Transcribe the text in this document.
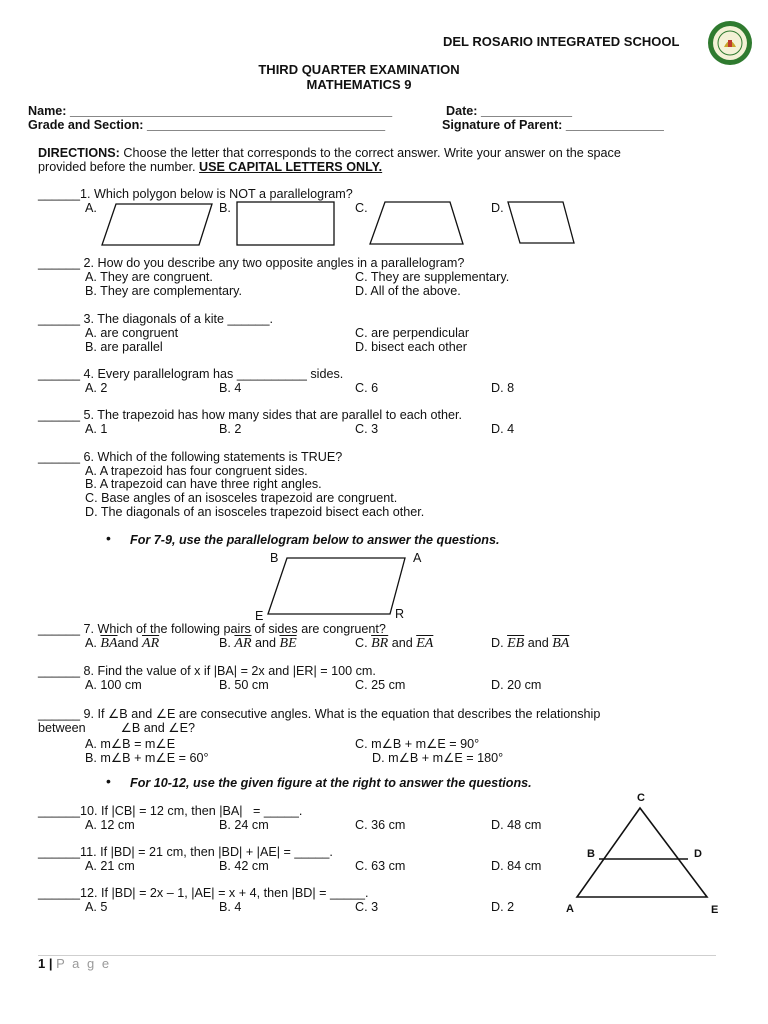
DEL ROSARIO INTEGRATED SCHOOL
THIRD QUARTER EXAMINATION
MATHEMATICS 9
Name: ______________________________________________	Date: _____________
Grade and Section: __________________________________	Signature of Parent: ______________
DIRECTIONS: Choose the letter that corresponds to the correct answer. Write your answer on the space
provided before the number. USE CAPITAL LETTERS ONLY.
______1. Which polygon below is NOT a parallelogram?
A.	B.	C.	D.
______ 2. How do you describe any two opposite angles in a parallelogram?
A. They are congruent.	C. They are supplementary.
B. They are complementary.	D. All of the above.
______ 3. The diagonals of a kite ______.
A. are congruent	C. are perpendicular
B. are parallel	D. bisect each other
______ 4. Every parallelogram has __________ sides.
A. 2	B. 4	C. 6	D. 8
______ 5. The trapezoid has how many sides that are parallel to each other.
A. 1	B. 2	C. 3	D. 4
______ 6. Which of the following statements is TRUE?
A. A trapezoid has four congruent sides.
B. A trapezoid can have three right angles.
C. Base angles of an isosceles trapezoid are congruent.
D. The diagonals of an isosceles trapezoid bisect each other.
• For 7-9, use the parallelogram below to answer the questions.
B	A
E	R
______ 7. Which of the following pairs of sides are congruent?
A. $\overline{BA}and$ $\overline{AR}$	B. $\overline{AR}$ and $\overline{BE}$	C. $\overline{BR}$ and $\overline{EA}$	D. $\overline{EB}$ and $\overline{BA}$
______ 8. Find the value of x if |BA| = 2x and |ER| = 100 cm.
A. 100 cm	B. 50 cm	C. 25 cm	D. 20 cm
______ 9. If ∠B and ∠E are consecutive angles. What is the equation that describes the relationship
between          ∠B and ∠E?
A. m∠B = m∠E	C. m∠B + m∠E = 90°
B. m∠B + m∠E = 60°	D. m∠B + m∠E = 180°
• For 10-12, use the given figure at the right to answer the questions.
C
B	D
A	E
______10. If |CB| = 12 cm, then |BA|   = _____.
A. 12 cm	B. 24 cm	C. 36 cm	D. 48 cm
______11. If |BD| = 21 cm, then |BD| + |AE| = _____.
A. 21 cm	B. 42 cm	C. 63 cm	D. 84 cm
______12. If |BD| = 2x – 1, |AE| = x + 4, then |BD| = _____.
A. 5	B. 4	C. 3	D. 2
1 | P a g e
